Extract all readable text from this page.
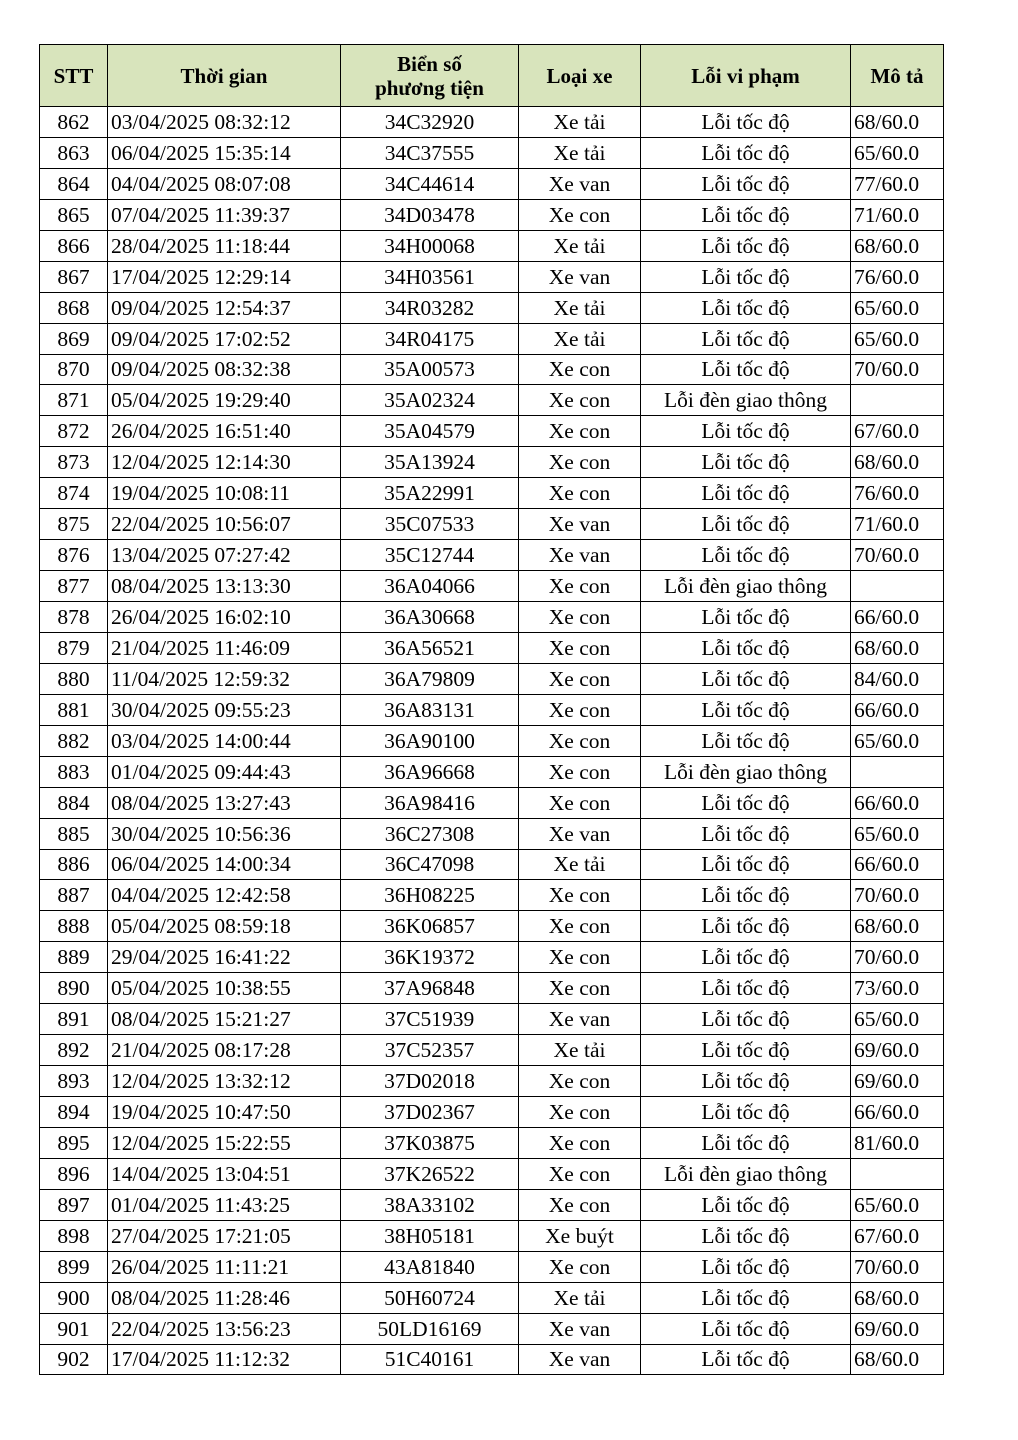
STT	Thời gian	Biển số
phương tiện	Loại xe	Lỗi vi phạm	Mô tả
862	03/04/2025 08:32:12	34C32920	Xe tải	Lỗi tốc độ	68/60.0
863	06/04/2025 15:35:14	34C37555	Xe tải	Lỗi tốc độ	65/60.0
864	04/04/2025 08:07:08	34C44614	Xe van	Lỗi tốc độ	77/60.0
865	07/04/2025 11:39:37	34D03478	Xe con	Lỗi tốc độ	71/60.0
866	28/04/2025 11:18:44	34H00068	Xe tải	Lỗi tốc độ	68/60.0
867	17/04/2025 12:29:14	34H03561	Xe van	Lỗi tốc độ	76/60.0
868	09/04/2025 12:54:37	34R03282	Xe tải	Lỗi tốc độ	65/60.0
869	09/04/2025 17:02:52	34R04175	Xe tải	Lỗi tốc độ	65/60.0
870	09/04/2025 08:32:38	35A00573	Xe con	Lỗi tốc độ	70/60.0
871	05/04/2025 19:29:40	35A02324	Xe con	Lỗi đèn giao thông	
872	26/04/2025 16:51:40	35A04579	Xe con	Lỗi tốc độ	67/60.0
873	12/04/2025 12:14:30	35A13924	Xe con	Lỗi tốc độ	68/60.0
874	19/04/2025 10:08:11	35A22991	Xe con	Lỗi tốc độ	76/60.0
875	22/04/2025 10:56:07	35C07533	Xe van	Lỗi tốc độ	71/60.0
876	13/04/2025 07:27:42	35C12744	Xe van	Lỗi tốc độ	70/60.0
877	08/04/2025 13:13:30	36A04066	Xe con	Lỗi đèn giao thông	
878	26/04/2025 16:02:10	36A30668	Xe con	Lỗi tốc độ	66/60.0
879	21/04/2025 11:46:09	36A56521	Xe con	Lỗi tốc độ	68/60.0
880	11/04/2025 12:59:32	36A79809	Xe con	Lỗi tốc độ	84/60.0
881	30/04/2025 09:55:23	36A83131	Xe con	Lỗi tốc độ	66/60.0
882	03/04/2025 14:00:44	36A90100	Xe con	Lỗi tốc độ	65/60.0
883	01/04/2025 09:44:43	36A96668	Xe con	Lỗi đèn giao thông	
884	08/04/2025 13:27:43	36A98416	Xe con	Lỗi tốc độ	66/60.0
885	30/04/2025 10:56:36	36C27308	Xe van	Lỗi tốc độ	65/60.0
886	06/04/2025 14:00:34	36C47098	Xe tải	Lỗi tốc độ	66/60.0
887	04/04/2025 12:42:58	36H08225	Xe con	Lỗi tốc độ	70/60.0
888	05/04/2025 08:59:18	36K06857	Xe con	Lỗi tốc độ	68/60.0
889	29/04/2025 16:41:22	36K19372	Xe con	Lỗi tốc độ	70/60.0
890	05/04/2025 10:38:55	37A96848	Xe con	Lỗi tốc độ	73/60.0
891	08/04/2025 15:21:27	37C51939	Xe van	Lỗi tốc độ	65/60.0
892	21/04/2025 08:17:28	37C52357	Xe tải	Lỗi tốc độ	69/60.0
893	12/04/2025 13:32:12	37D02018	Xe con	Lỗi tốc độ	69/60.0
894	19/04/2025 10:47:50	37D02367	Xe con	Lỗi tốc độ	66/60.0
895	12/04/2025 15:22:55	37K03875	Xe con	Lỗi tốc độ	81/60.0
896	14/04/2025 13:04:51	37K26522	Xe con	Lỗi đèn giao thông	
897	01/04/2025 11:43:25	38A33102	Xe con	Lỗi tốc độ	65/60.0
898	27/04/2025 17:21:05	38H05181	Xe buýt	Lỗi tốc độ	67/60.0
899	26/04/2025 11:11:21	43A81840	Xe con	Lỗi tốc độ	70/60.0
900	08/04/2025 11:28:46	50H60724	Xe tải	Lỗi tốc độ	68/60.0
901	22/04/2025 13:56:23	50LD16169	Xe van	Lỗi tốc độ	69/60.0
902	17/04/2025 11:12:32	51C40161	Xe van	Lỗi tốc độ	68/60.0
